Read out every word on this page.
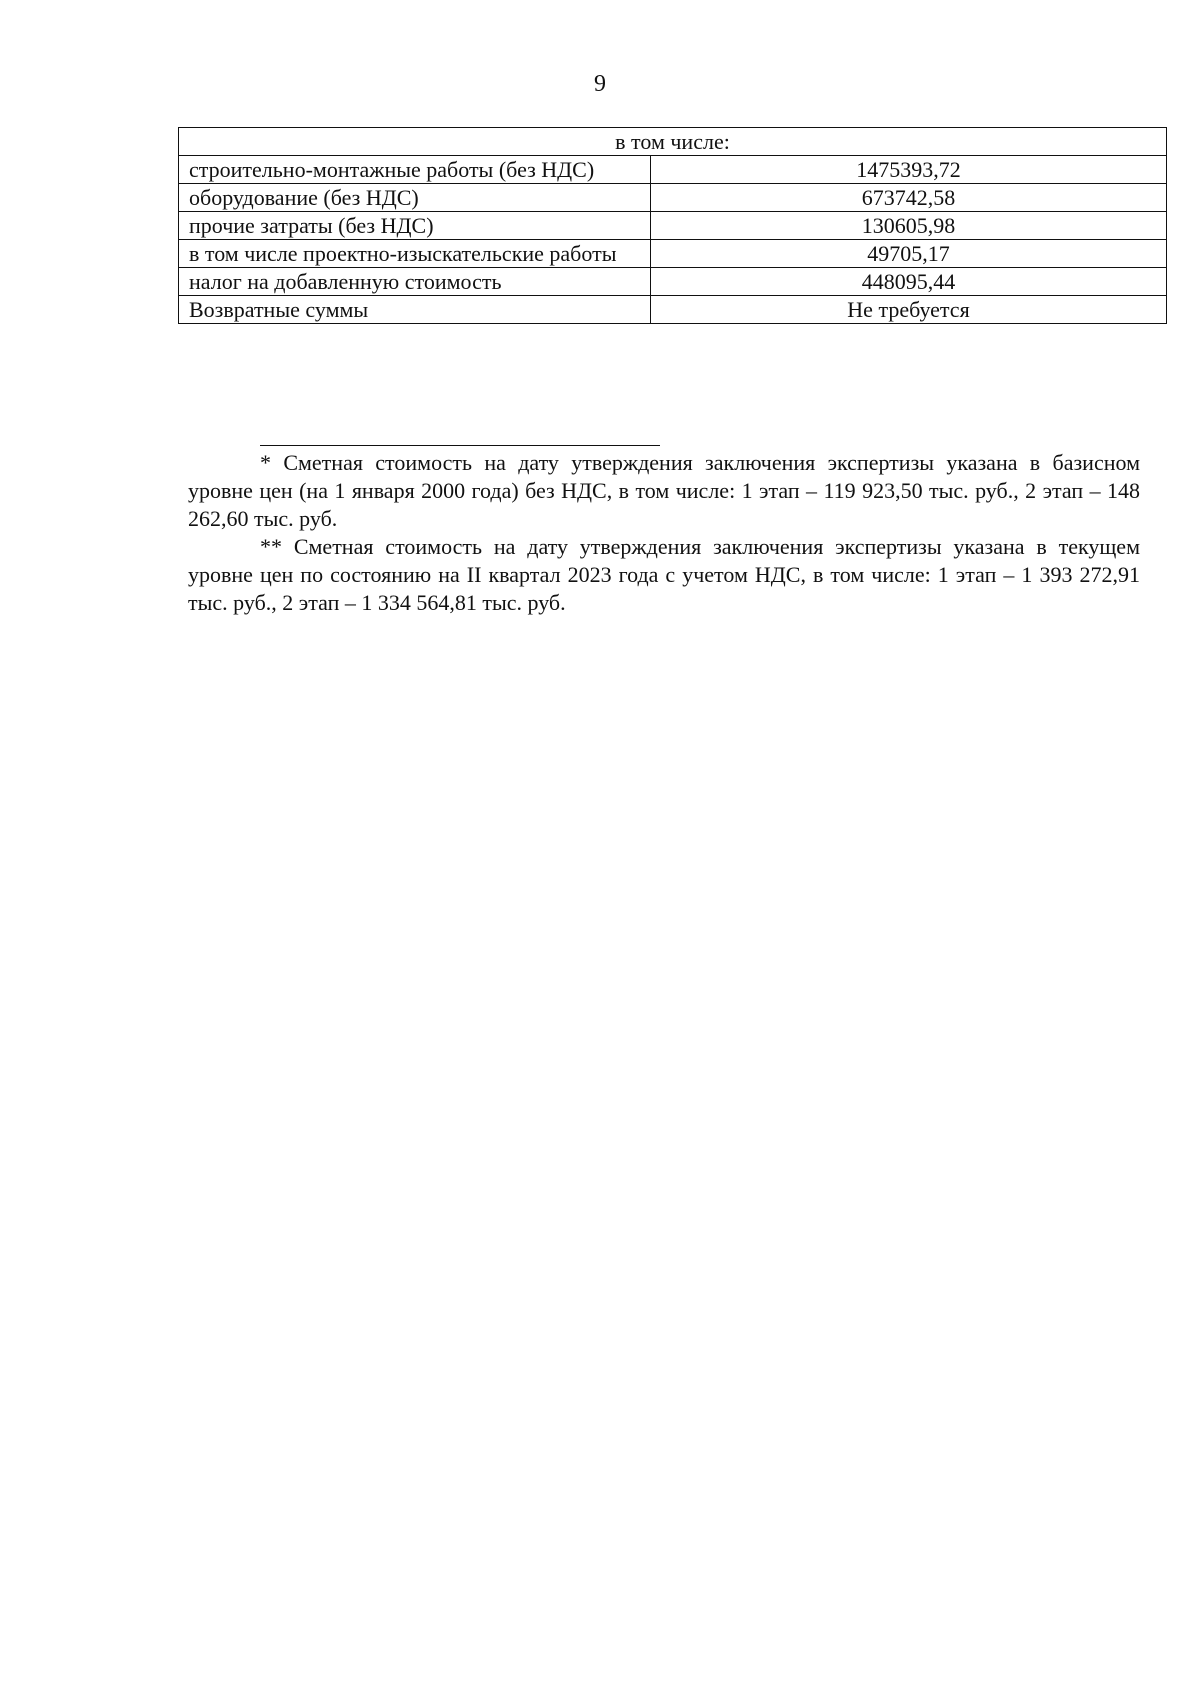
9
в том числе:	
строительно-монтажные работы (без НДС)	1475393,72
оборудование (без НДС)	673742,58
прочие затраты (без НДС)	130605,98
в том числе проектно-изыскательские работы	49705,17
налог на добавленную стоимость	448095,44
Возвратные суммы	Не требуется

* Сметная стоимость на дату утверждения заключения экспертизы указана в базисном уровне цен (на 1 января 2000 года) без НДС, в том числе: 1 этап – 119 923,50 тыс. руб., 2 этап – 148 262,60 тыс. руб.

** Сметная стоимость на дату утверждения заключения экспертизы указана в текущем уровне цен по состоянию на II квартал 2023 года с учетом НДС, в том числе: 1 этап – 1 393 272,91 тыс. руб., 2 этап – 1 334 564,81 тыс. руб.
